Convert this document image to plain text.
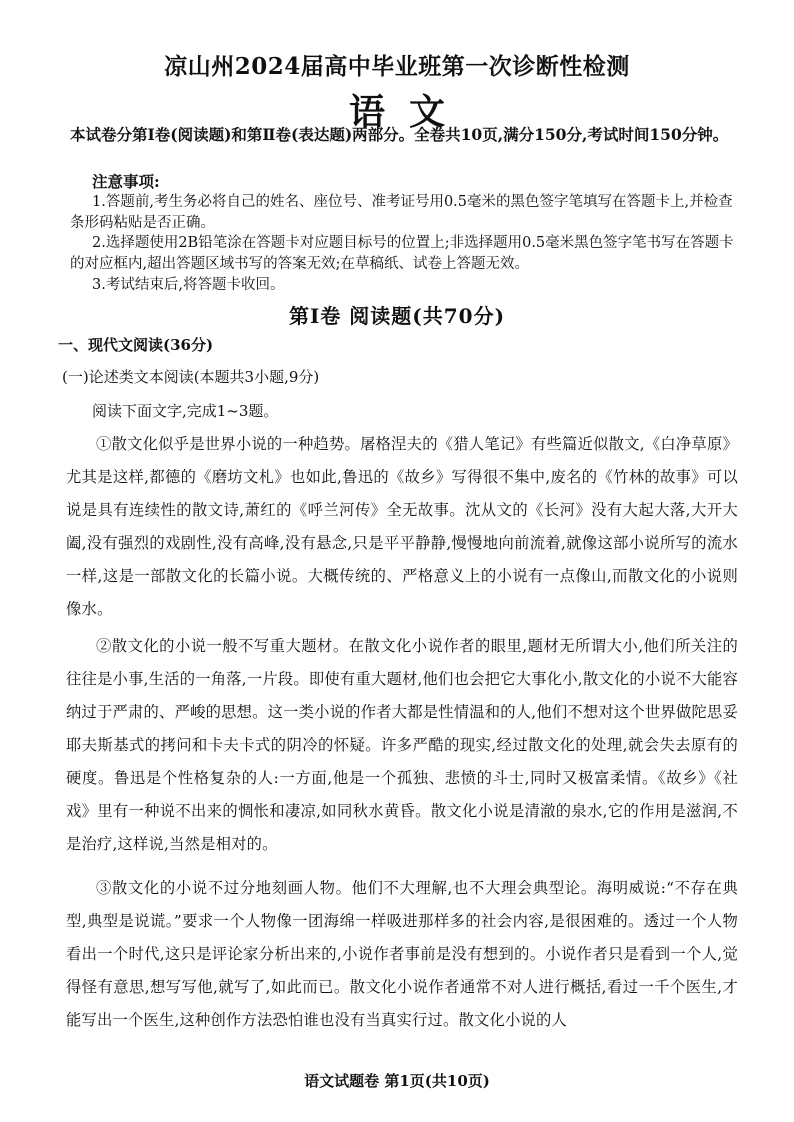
凉山州2024届高中毕业班第一次诊断性检测
语文
本试卷分第Ⅰ卷(阅读题)和第Ⅱ卷(表达题)两部分。全卷共10页,满分150分,考试时间150分钟。
注意事项:
1.答题前,考生务必将自己的姓名、座位号、准考证号用0.5毫米的黑色签字笔填写在答题卡上,并检查条形码粘贴是否正确。
2.选择题使用2B铅笔涂在答题卡对应题目标号的位置上;非选择题用0.5毫米黑色签字笔书写在答题卡的对应框内,超出答题区域书写的答案无效;在草稿纸、试卷上答题无效。
3.考试结束后,将答题卡收回。
第Ⅰ卷 阅读题(共70分)
一、现代文阅读(36分)
(一)论述类文本阅读(本题共3小题,9分)
阅读下面文字,完成1~3题。
①散文化似乎是世界小说的一种趋势。屠格涅夫的《猎人笔记》有些篇近似散文,《白净草原》尤其是这样,都德的《磨坊文札》也如此,鲁迅的《故乡》写得很不集中,废名的《竹林的故事》可以说是具有连续性的散文诗,萧红的《呼兰河传》全无故事。沈从文的《长河》没有大起大落,大开大阖,没有强烈的戏剧性,没有高峰,没有悬念,只是平平静静,慢慢地向前流着,就像这部小说所写的流水一样,这是一部散文化的长篇小说。大概传统的、严格意义上的小说有一点像山,而散文化的小说则像水。
②散文化的小说一般不写重大题材。在散文化小说作者的眼里,题材无所谓大小,他们所关注的往往是小事,生活的一角落,一片段。即使有重大题材,他们也会把它大事化小,散文化的小说不大能容纳过于严肃的、严峻的思想。这一类小说的作者大都是性情温和的人,他们不想对这个世界做陀思妥耶夫斯基式的拷问和卡夫卡式的阴冷的怀疑。许多严酷的现实,经过散文化的处理,就会失去原有的硬度。鲁迅是个性格复杂的人:一方面,他是一个孤独、悲愤的斗士,同时又极富柔情。《故乡》《社戏》里有一种说不出来的惆怅和凄凉,如同秋水黄昏。散文化小说是清澈的泉水,它的作用是滋润,不是治疗,这样说,当然是相对的。
③散文化的小说不过分地刻画人物。他们不大理解,也不大理会典型论。海明威说:“不存在典型,典型是说谎。”要求一个人物像一团海绵一样吸进那样多的社会内容,是很困难的。透过一个人物看出一个时代,这只是评论家分析出来的,小说作者事前是没有想到的。小说作者只是看到一个人,觉得怪有意思,想写写他,就写了,如此而已。散文化小说作者通常不对人进行概括,看过一千个医生,才能写出一个医生,这种创作方法恐怕谁也没有当真实行过。散文化小说的人
语文试题卷 第1页(共10页)
